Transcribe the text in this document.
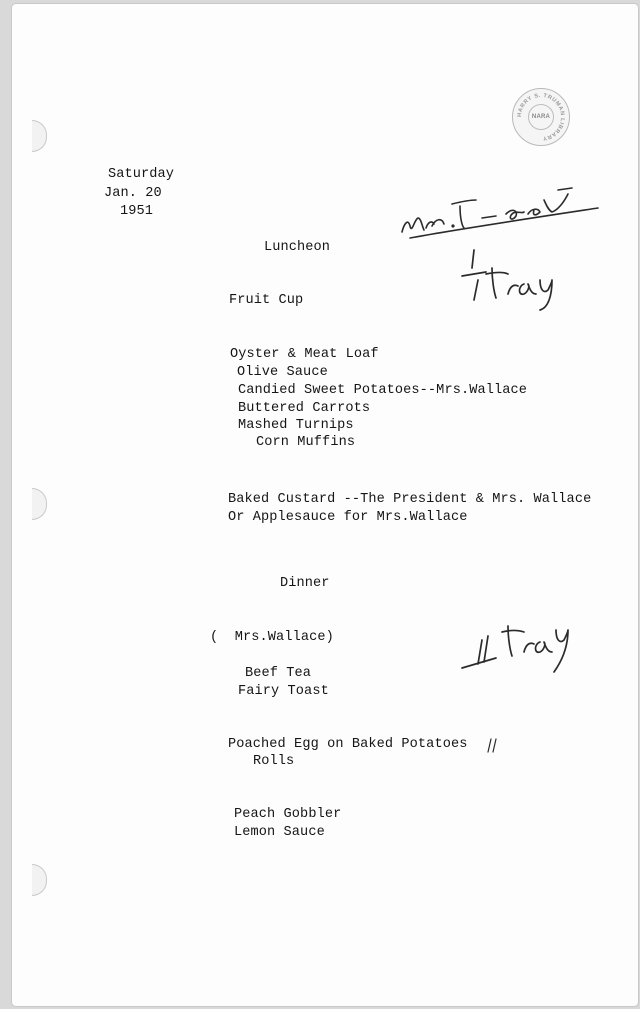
HARRY S. TRUMAN LIBRARY
NARA
Saturday
Jan. 20
1951
Luncheon
Fruit Cup
Oyster & Meat Loaf
Olive Sauce
Candied Sweet Potatoes--Mrs.Wallace
Buttered Carrots
Mashed Turnips
Corn Muffins
Baked Custard --The President & Mrs. Wallace
Or Applesauce for Mrs.Wallace
Dinner
(  Mrs.Wallace)
Beef Tea
Fairy Toast
Poached Egg on Baked Potatoes
Rolls
Peach Gobbler
Lemon Sauce
